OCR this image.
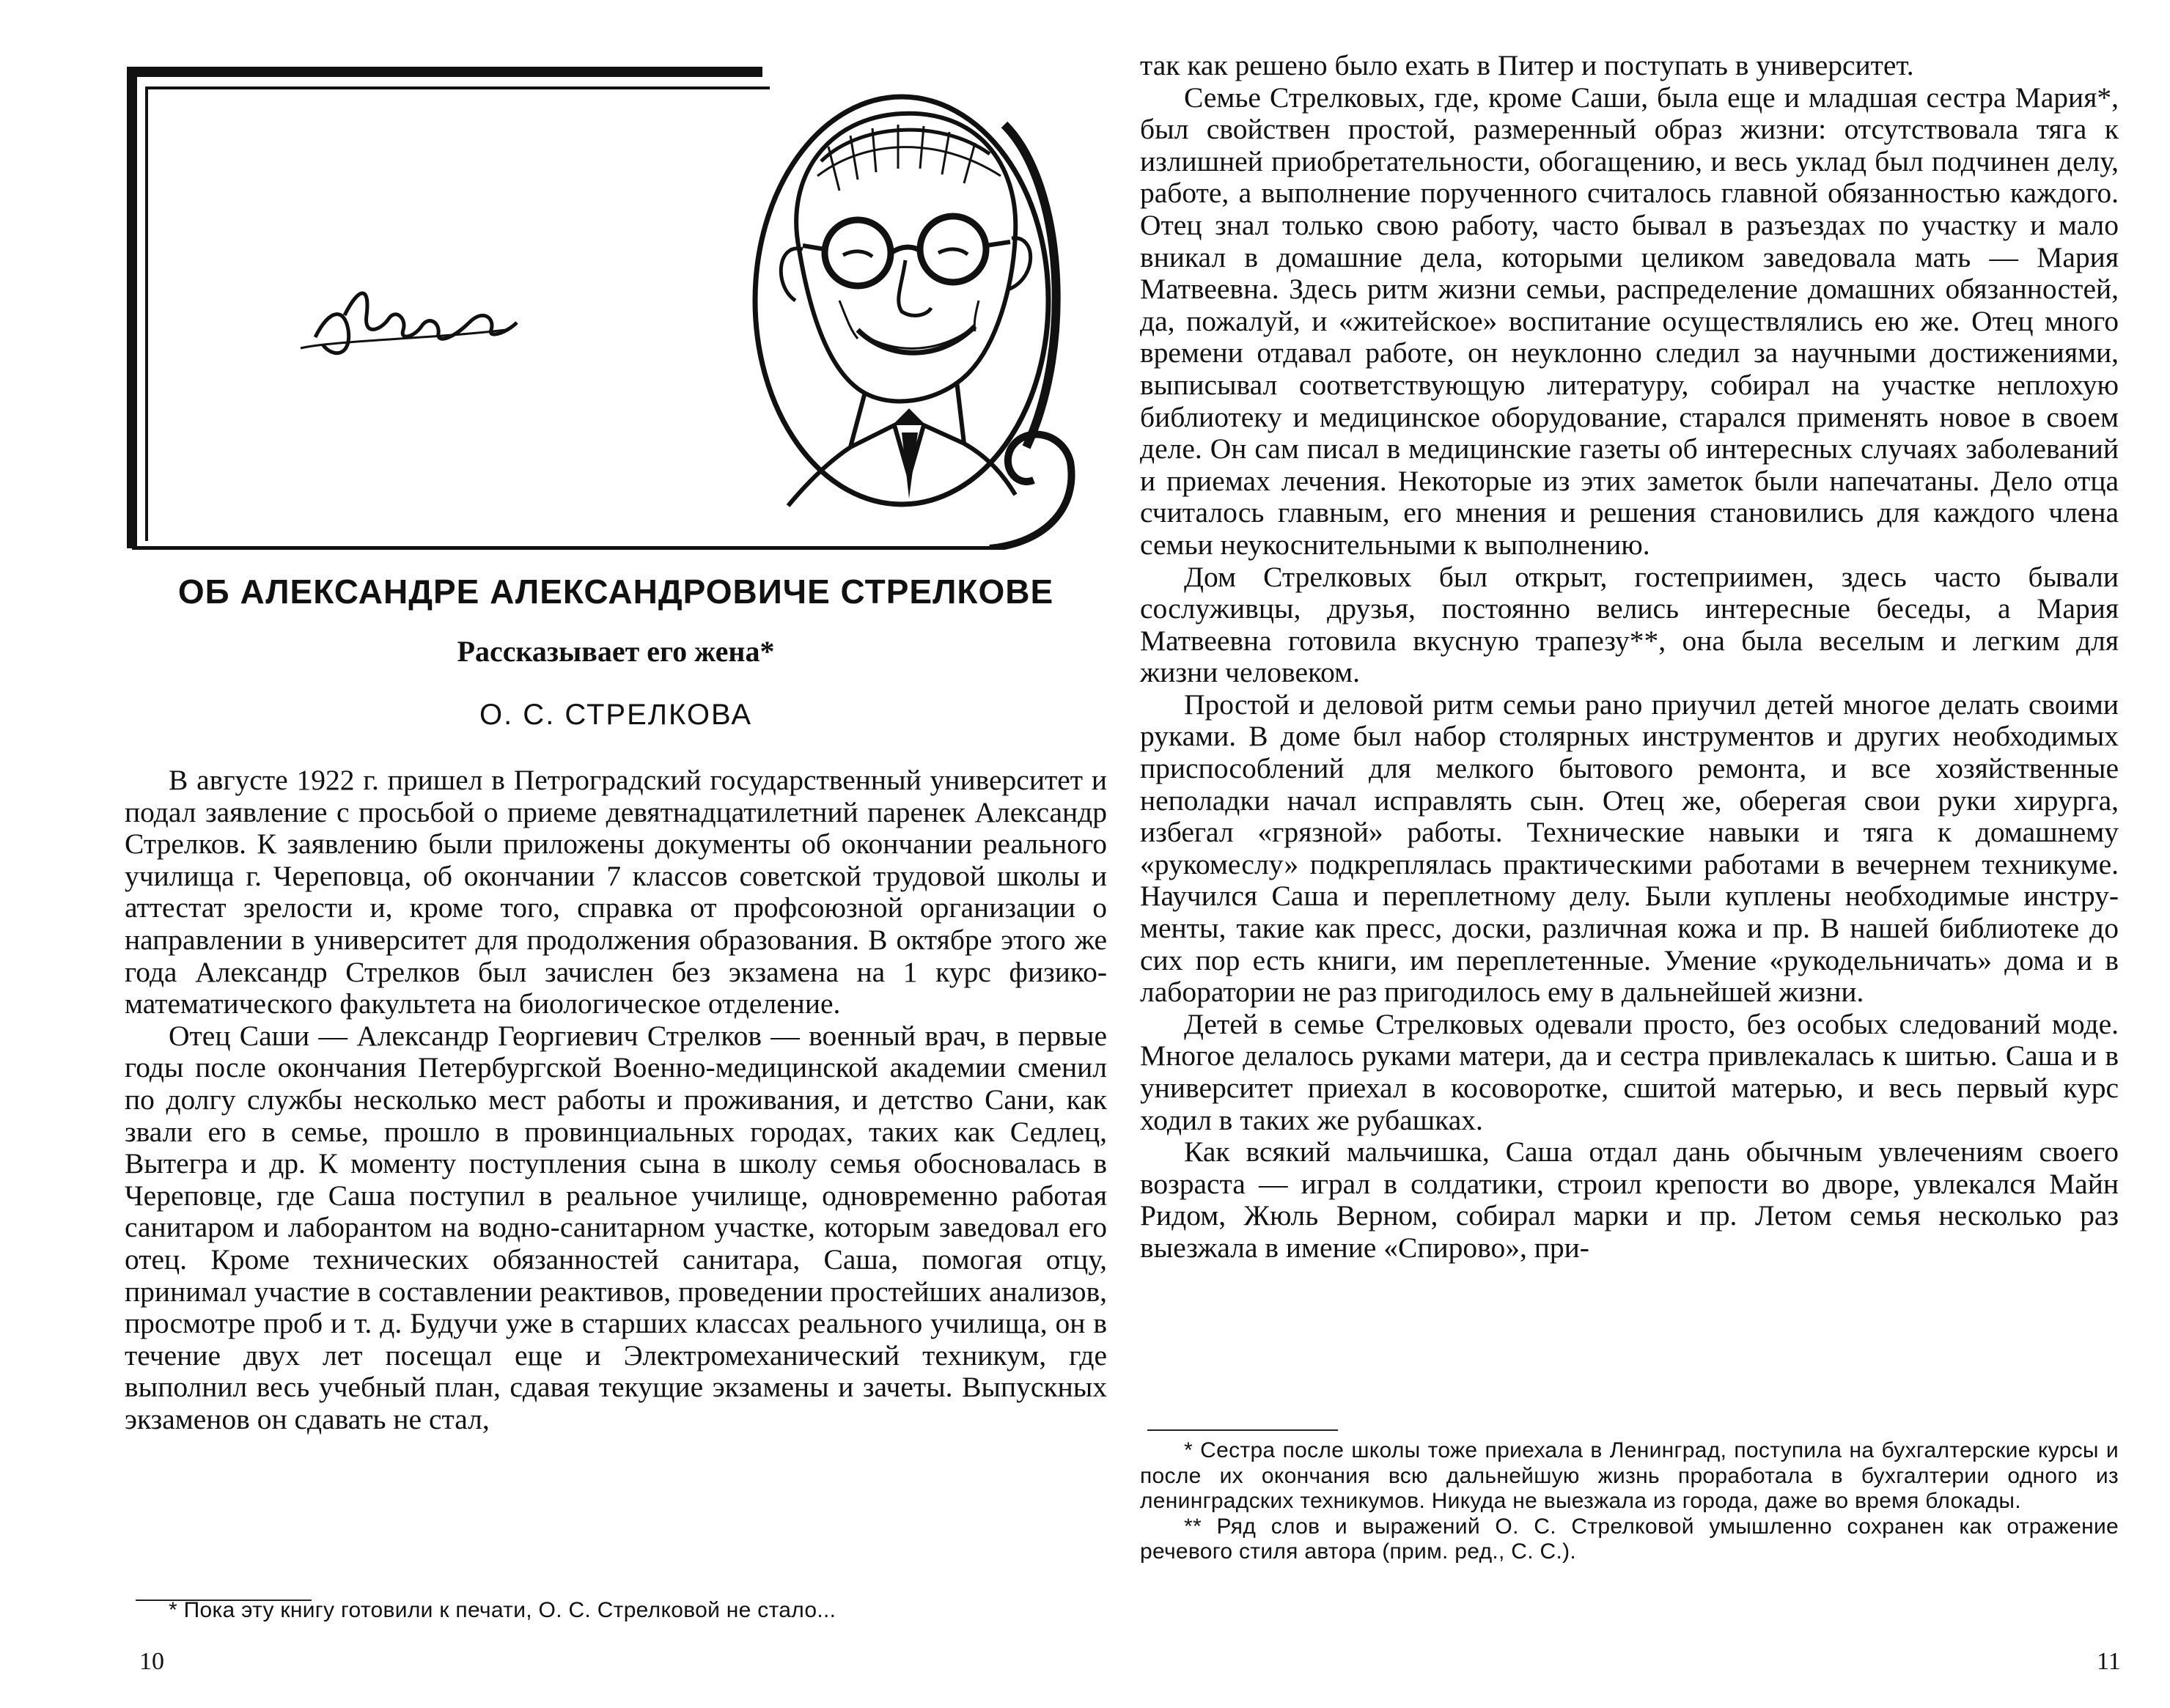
ОБ АЛЕКСАНДРЕ АЛЕКСАНДРОВИЧЕ СТРЕЛКОВЕ
Рассказывает его жена*
О. С. СТРЕЛКОВА

В августе 1922 г. пришел в Петроградский государственный университет и подал заявление с просьбой о приеме девятнадцатилетний паренек Александр Стрелков. К заявлению были приложены документы об окончании реального училища г. Череповца, об окончании 7 классов советской трудовой школы и аттестат зрелости и, кроме того, справка от профсоюзной организации о направлении в университет для продолжения образования. В октябре этого же года Александр Стрелков был зачислен без экзамена на 1 курс физико-математического факультета на биологическое отделение.

Отец Саши — Александр Георгиевич Стрелков — военный врач, в первые годы после окончания Петербургской Военно-медицинской академии сменил по долгу службы несколько мест работы и проживания, и детство Сани, как звали его в семье, прошло в провинциальных городах, таких как Седлец, Вытегра и др. К моменту поступления сына в школу семья обосновалась в Череповце, где Саша поступил в реальное училище, одновременно работая санитаром и лаборантом на водно-санитарном участке, которым заведовал его отец. Кроме технических обязанностей санитара, Саша, помогая отцу, принимал участие в составлении реактивов, проведении простейших анализов, просмотре проб и т. д. Будучи уже в старших классах реального училища, он в течение двух лет посещал еще и Электромеханический техникум, где выполнил весь учебный план, сдавая текущие экзамены и зачеты. Выпускных экзаменов он сдавать не стал,

* Пока эту книгу готовили к печати, О. С. Стрелковой не стало...

10

так как решено было ехать в Питер и поступать в университет.

Семье Стрелковых, где, кроме Саши, была еще и младшая сестра Мария*, был свойствен простой, размеренный образ жизни: отсутствовала тяга к излишней приобретательности, обогащению, и весь уклад был подчинен делу, работе, а выполнение порученного считалось главной обязанностью каждого. Отец знал только свою работу, часто бывал в разъездах по участку и мало вникал в домашние дела, которыми целиком заведовала мать — Мария Матвеевна. Здесь ритм жизни семьи, распределение домашних обязанностей, да, пожалуй, и «житейское» воспитание осуществлялись ею же. Отец много времени отдавал работе, он неуклонно следил за научными достижениями, выписывал соответствующую литературу, собирал на участке неплохую библиотеку и медицинское оборудование, старался применять новое в своем деле. Он сам писал в медицинские газеты об интересных случаях заболеваний и приемах лечения. Некоторые из этих заметок были напечатаны. Дело отца считалось главным, его мнения и решения становились для каждого члена семьи неукоснительными к выполнению.

Дом Стрелковых был открыт, гостеприимен, здесь часто бывали сослуживцы, друзья, постоянно велись интересные беседы, а Мария Матвеевна готовила вкусную трапезу**, она была веселым и легким для жизни человеком.

Простой и деловой ритм семьи рано приучил детей многое делать своими руками. В доме был набор столярных инструментов и других необходимых приспособлений для мелкого бытового ремонта, и все хозяйственные неполадки начал исправлять сын. Отец же, оберегая свои руки хирурга, избегал «грязной» работы. Технические навыки и тяга к домашнему «рукомеслу» подкреплялась практическими работами в вечернем техникуме. Научился Саша и переплетному делу. Были куплены необходимые инструменты, такие как пресс, доски, различная кожа и пр. В нашей библиотеке до сих пор есть книги, им переплетенные. Умение «рукодельничать» дома и в лаборатории не раз пригодилось ему в дальнейшей жизни.

Детей в семье Стрелковых одевали просто, без особых следований моде. Многое делалось руками матери, да и сестра привлекалась к шитью. Саша и в университет приехал в косоворотке, сшитой матерью, и весь первый курс ходил в таких же рубашках.

Как всякий мальчишка, Саша отдал дань обычным увлечениям своего возраста — играл в солдатики, строил крепости во дворе, увлекался Майн Ридом, Жюль Верном, собирал марки и пр. Летом семья несколько раз выезжала в имение «Спирово», при-

* Сестра после школы тоже приехала в Ленинград, поступила на бухгалтерские курсы и после их окончания всю дальнейшую жизнь проработала в бухгалтерии одного из ленинградских техникумов. Никуда не выезжала из города, даже во время блокады.

** Ряд слов и выражений О. С. Стрелковой умышленно сохранен как отражение речевого стиля автора (прим. ред., С. С.).

11
